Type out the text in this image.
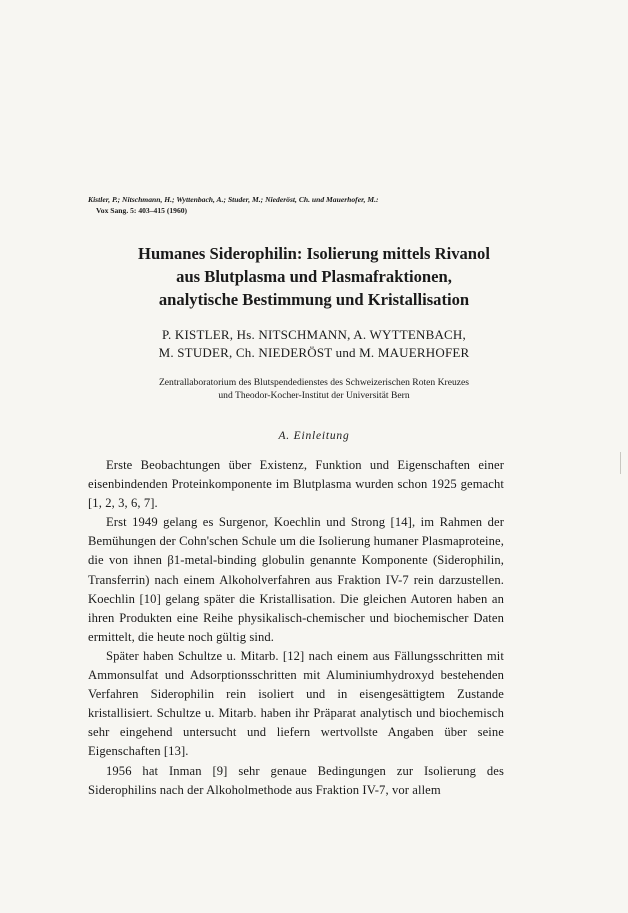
Kistler, P.; Nitschmann, H.; Wyttenbach, A.; Studer, M.; Niederöst, Ch. und Mauerhofer, M.:
Vox Sang. 5: 403–415 (1960)
Humanes Siderophilin: Isolierung mittels Rivanol
aus Blutplasma und Plasmafraktionen,
analytische Bestimmung und Kristallisation
P. KISTLER, Hs. NITSCHMANN, A. WYTTENBACH,
M. STUDER, Ch. NIEDERÖST und M. MAUERHOFER
Zentrallaboratorium des Blutspendedienstes des Schweizerischen Roten Kreuzes
und Theodor-Kocher-Institut der Universität Bern
A. Einleitung

Erste Beobachtungen über Existenz, Funktion und Eigenschaften einer eisenbindenden Proteinkomponente im Blutplasma wurden schon 1925 gemacht [1, 2, 3, 6, 7].

Erst 1949 gelang es Surgenor, Koechlin und Strong [14], im Rahmen der Bemühungen der Cohn'schen Schule um die Isolierung humaner Plasmaproteine, die von ihnen β1-metal-binding globulin genannte Komponente (Siderophilin, Transferrin) nach einem Alkoholverfahren aus Fraktion IV-7 rein darzustellen. Koechlin [10] gelang später die Kristallisation. Die gleichen Autoren haben an ihren Produkten eine Reihe physikalisch-chemischer und biochemischer Daten ermittelt, die heute noch gültig sind.

Später haben Schultze u. Mitarb. [12] nach einem aus Fällungsschritten mit Ammonsulfat und Adsorptionsschritten mit Aluminiumhydroxyd bestehenden Verfahren Siderophilin rein isoliert und in eisengesättigtem Zustande kristallisiert. Schultze u. Mitarb. haben ihr Präparat analytisch und biochemisch sehr eingehend untersucht und liefern wertvollste Angaben über seine Eigenschaften [13].

1956 hat Inman [9] sehr genaue Bedingungen zur Isolierung des Siderophilins nach der Alkoholmethode aus Fraktion IV-7, vor allem
